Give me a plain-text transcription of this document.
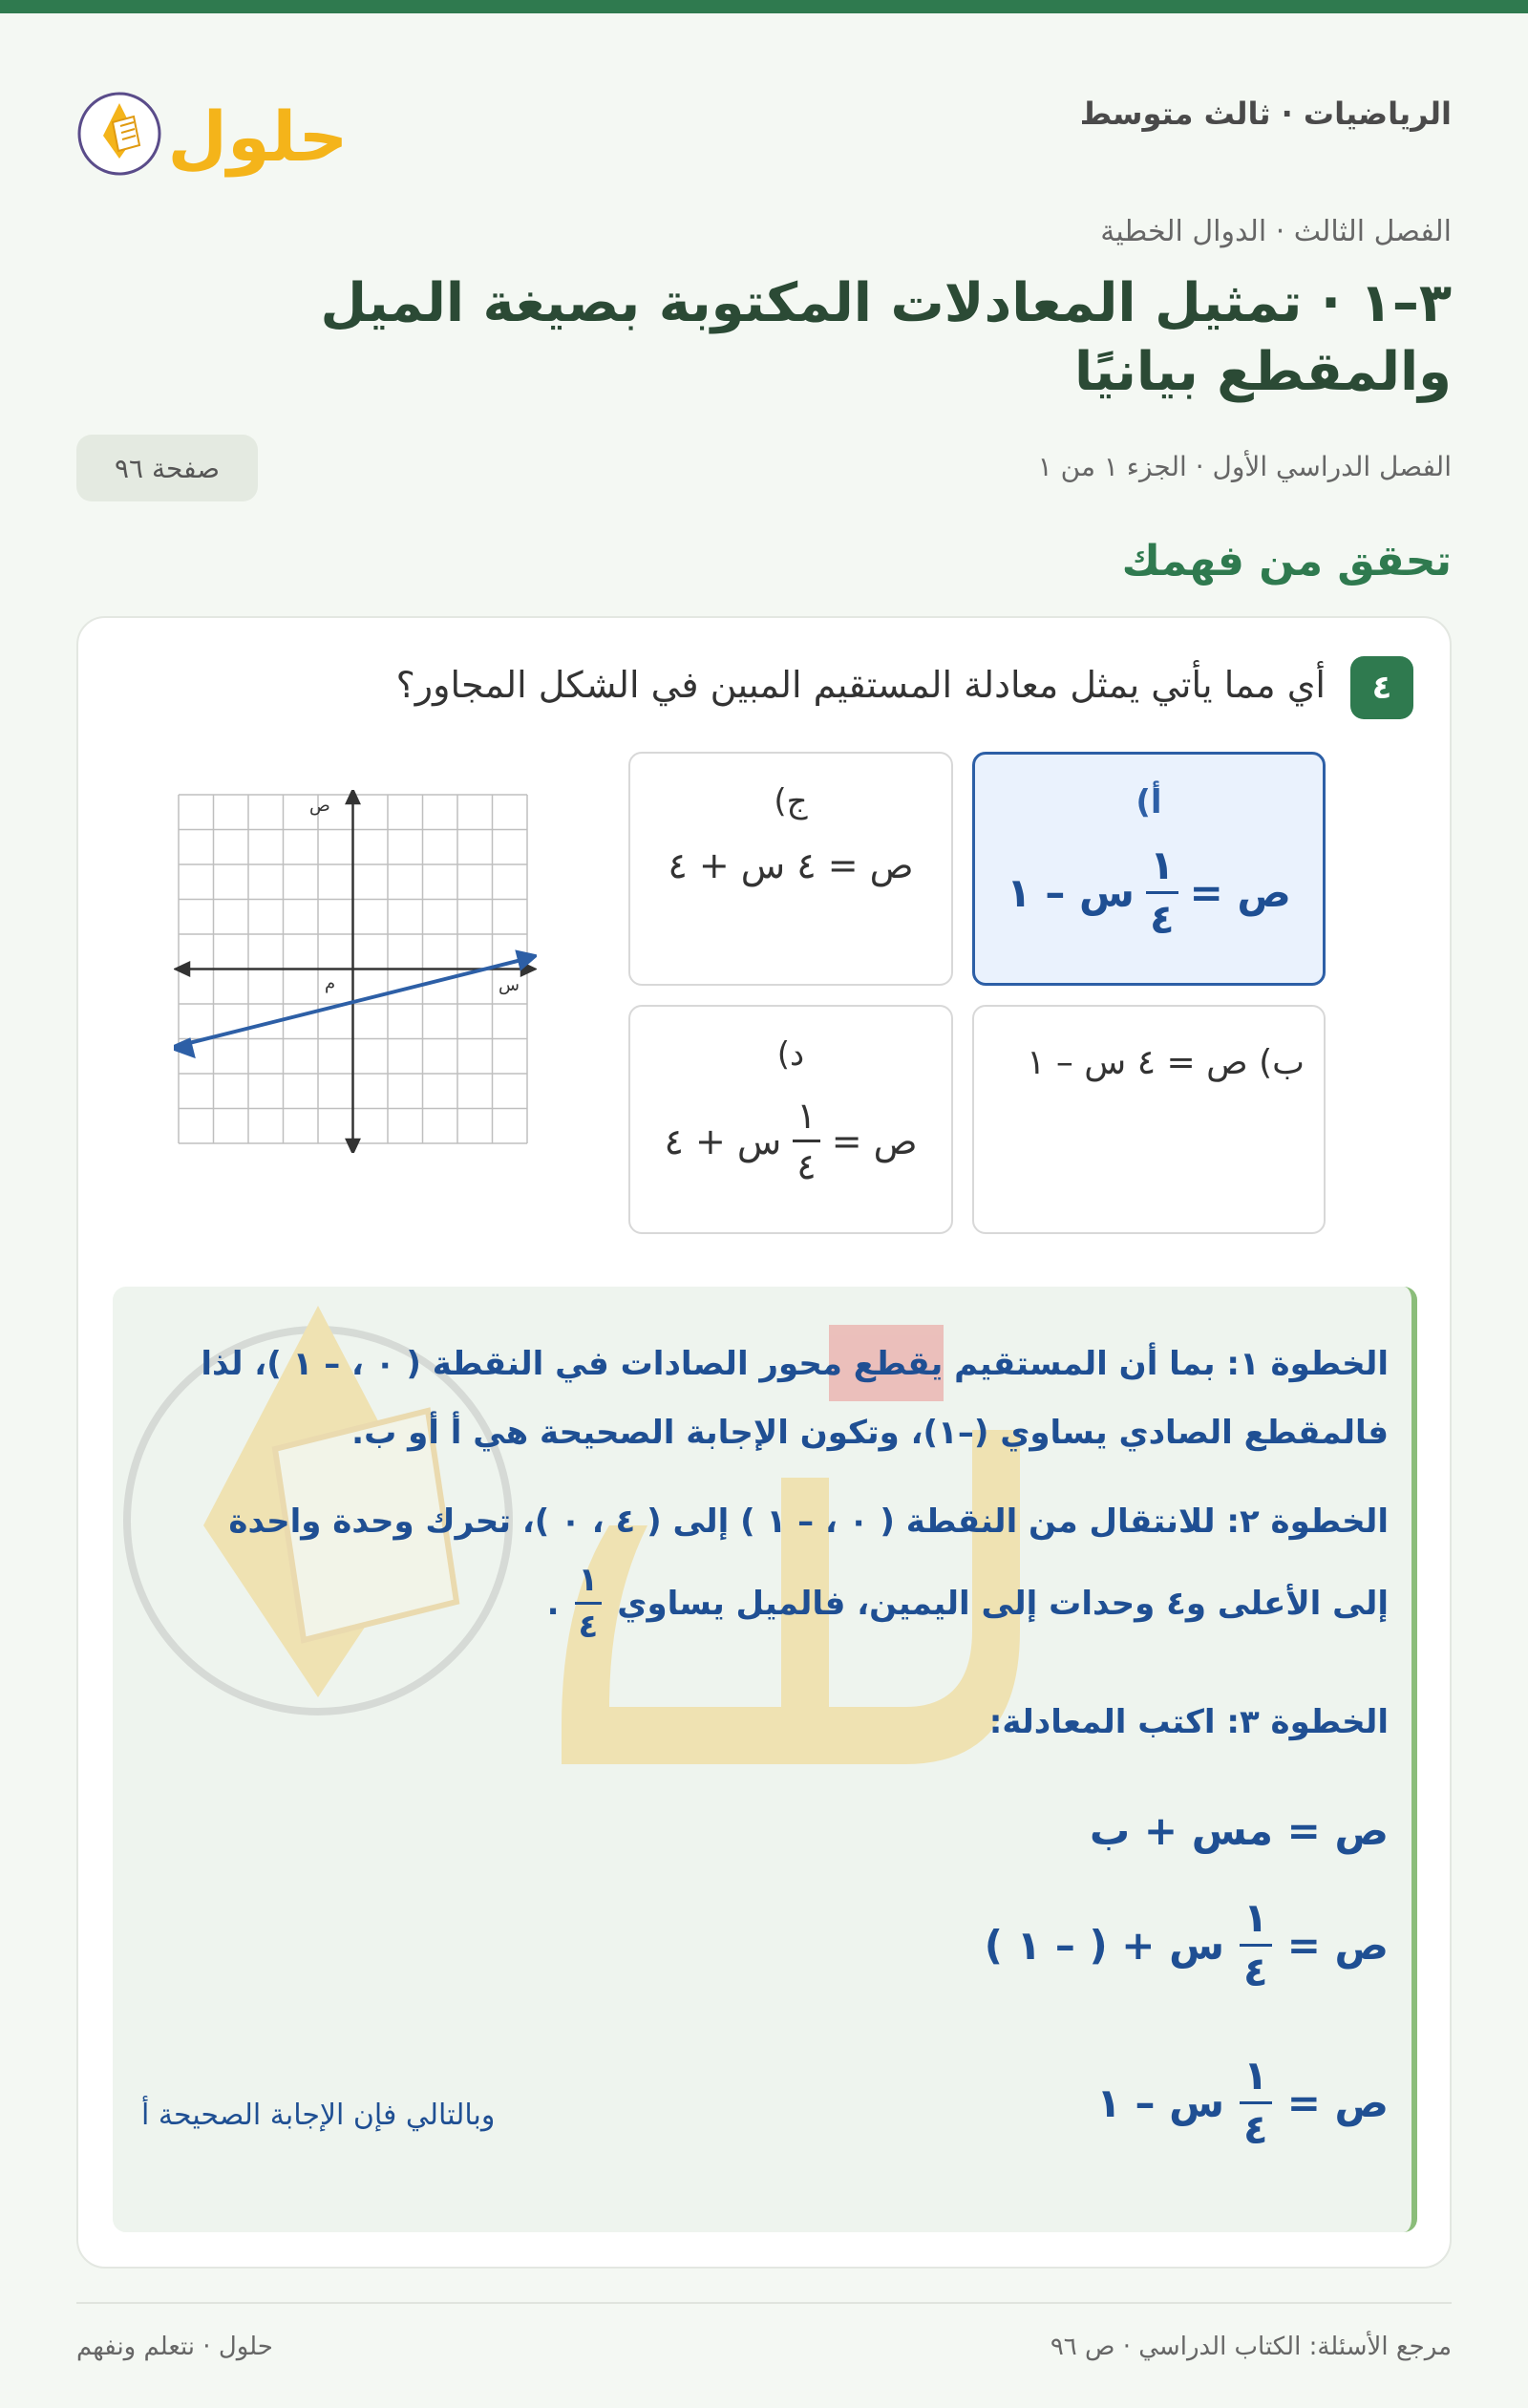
الرياضيات · ثالث متوسط
حلول
الفصل الثالث · الدوال الخطية
٣–١ · تمثيل المعادلات المكتوبة بصيغة الميل والمقطع بيانيًا
الفصل الدراسي الأول · الجزء ١ من ١
صفحة ٩٦
تحقق من فهمك
٤
أي مما يأتي يمثل معادلة المستقيم المبين في الشكل المجاور؟
أ)
ص =
$\frac{١}{٤}$
س – ١
ج)
ص = ٤ س + ٤
ب) ص = ٤ س – ١
د)
ص =
$\frac{١}{٤}$
س + ٤
ص
س
م
الخطوة ١: بما أن المستقيم يقطع محور الصادات في النقطة ( ٠ ، – ١ )، لذا
فالمقطع الصادي يساوي (–١)، وتكون الإجابة الصحيحة هي أ أو ب.
الخطوة ٢: للانتقال من النقطة ( ٠ ، – ١ ) إلى ( ٤ ، ٠ )، تحرك وحدة واحدة
إلى الأعلى و٤ وحدات إلى اليمين، فالميل يساوي
$\frac{١}{٤}$
.
الخطوة ٣: اكتب المعادلة:
ص = مس + ب
ص =
$\frac{١}{٤}$
س + ( – ١ )
ص =
$\frac{١}{٤}$
س – ١
وبالتالي فإن الإجابة الصحيحة أ
مرجع الأسئلة: الكتاب الدراسي · ص ٩٦
حلول · نتعلم ونفهم
